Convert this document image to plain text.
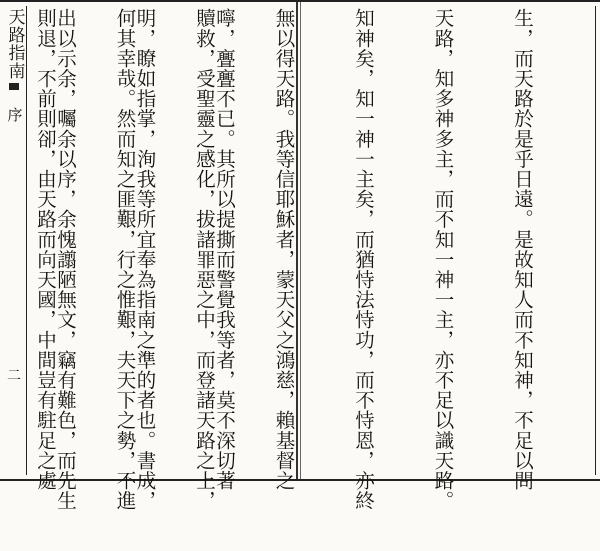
天路指南
序
二

	嚀，亹亹不已。其所以提撕而警覺我等者，莫不深切著

明，瞭如指掌，洵我等所宜奉為指南之準的者也。書成，

出以示余，囑余以序，余愧譾陋無文，竊有難色，而先生

	生，而天路於是乎日遠。是故知人而不知神，不足以問

天路，知多神多主，而不知一神一主，亦不足以識天路。

知神矣，知一神一主矣，而猶恃法恃功，而不恃恩，亦終

無以得天路。我等信耶穌者，蒙天父之鴻慈，賴基督之

贖救，受聖靈之感化，拔諸罪惡之中，而登諸天路之上，

何其幸哉。然而知之匪艱，行之惟艱，夫天下之勢，不進

則退，不前則卻，由天路而向天國，中間豈有駐足之處
